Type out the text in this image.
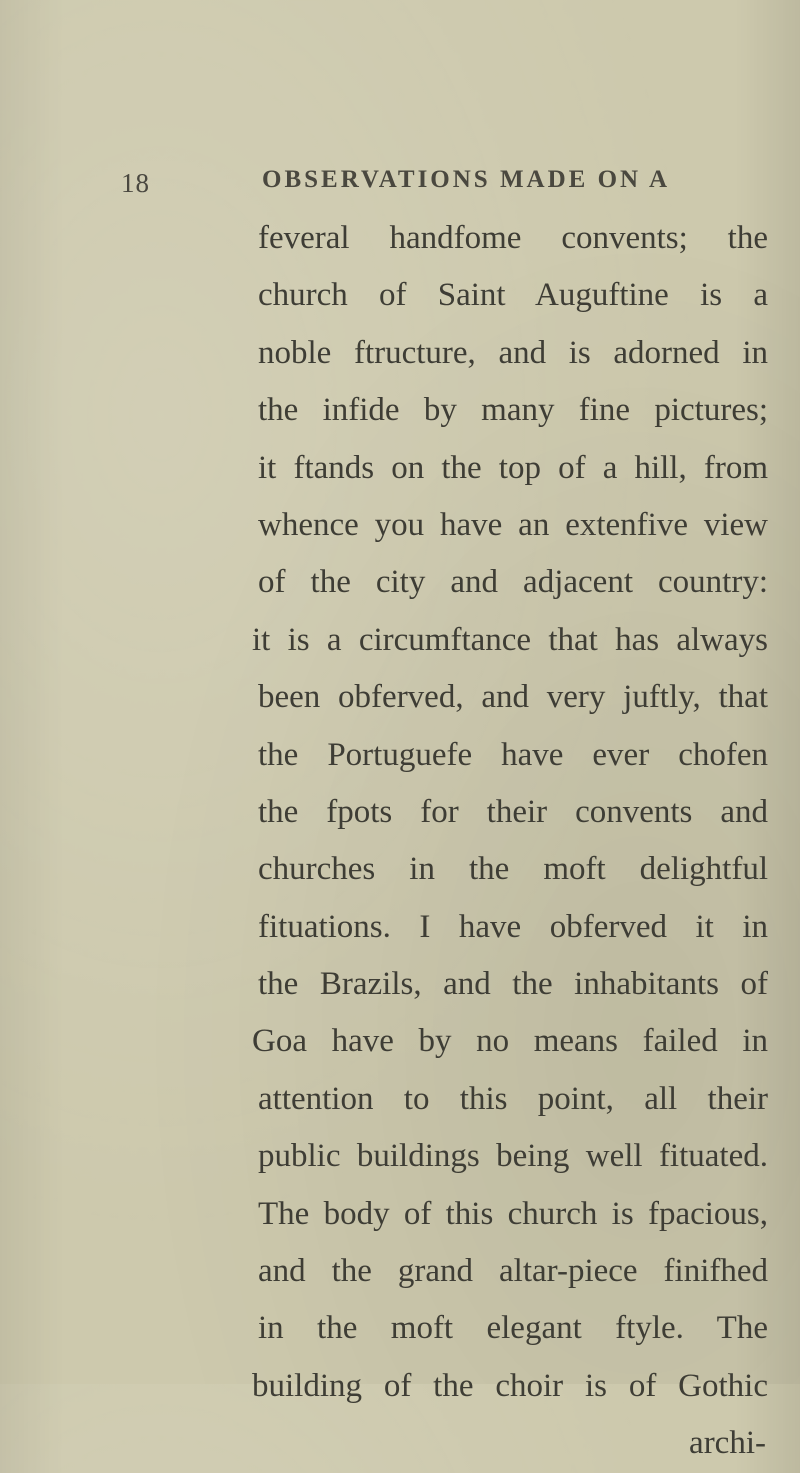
18	OBSERVATIONS MADE ON A
feveral handfome convents; the
church of Saint Auguftine is a
noble ftructure, and is adorned in
the infide by many fine pictures;
it ftands on the top of a hill, from
whence you have an extenfive view
of the city and adjacent country:
it is a circumftance that has always
been obferved, and very juftly, that
the Portuguefe have ever chofen
the fpots for their convents and
churches in the moft delightful
fituations. I have obferved it in
the Brazils, and the inhabitants of
Goa have by no means failed in
attention to this point, all their
public buildings being well fituated.
The body of this church is fpacious,
and the grand altar-piece finifhed
in the moft elegant ftyle. The
building of the choir is of Gothic
archi-
